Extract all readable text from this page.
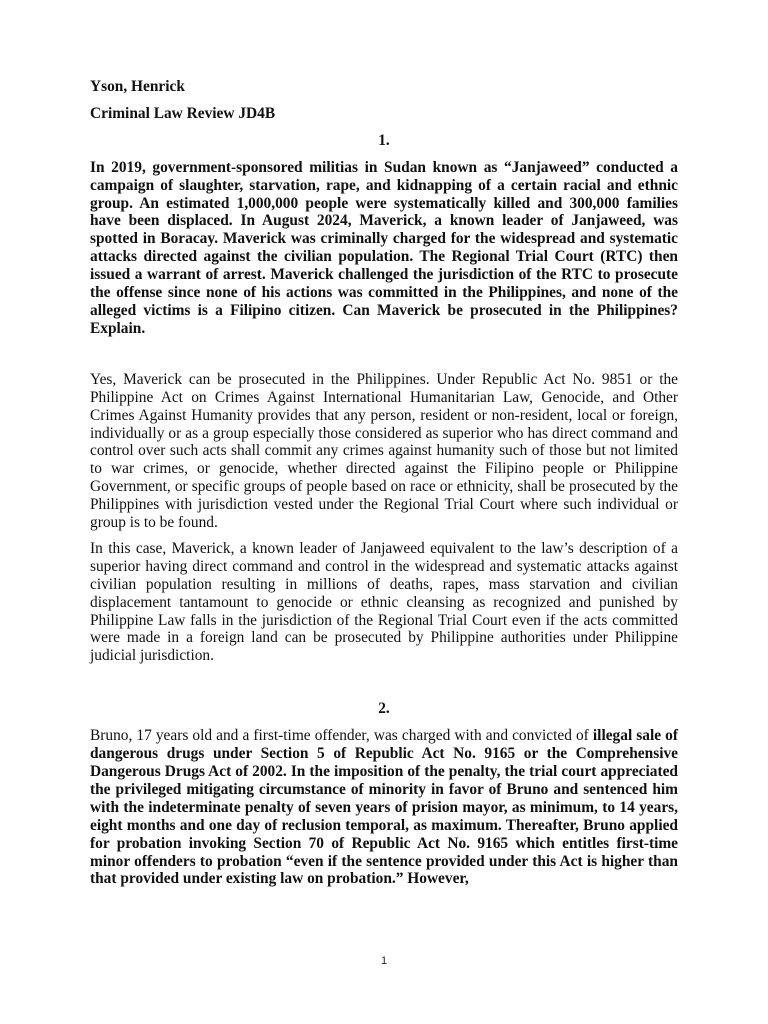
Yson, Henrick

Criminal Law Review JD4B

1.

In 2019, government-sponsored militias in Sudan known as “Janjaweed” conducted a campaign of slaughter, starvation, rape, and kidnapping of a certain racial and ethnic group. An estimated 1,000,000 people were systematically killed and 300,000 families have been displaced. In August 2024, Maverick, a known leader of Janjaweed, was spotted in Boracay. Maverick was criminally charged for the widespread and systematic attacks directed against the civilian population. The Regional Trial Court (RTC) then issued a warrant of arrest. Maverick challenged the jurisdiction of the RTC to prosecute the offense since none of his actions was committed in the Philippines, and none of the alleged victims is a Filipino citizen. Can Maverick be prosecuted in the Philippines? Explain.

Yes, Maverick can be prosecuted in the Philippines. Under Republic Act No. 9851 or the Philippine Act on Crimes Against International Humanitarian Law, Genocide, and Other Crimes Against Humanity provides that any person, resident or non-resident, local or foreign, individually or as a group especially those considered as superior who has direct command and control over such acts shall commit any crimes against humanity such of those but not limited to war crimes, or genocide, whether directed against the Filipino people or Philippine Government, or specific groups of people based on race or ethnicity, shall be prosecuted by the Philippines with jurisdiction vested under the Regional Trial Court where such individual or group is to be found.

In this case, Maverick, a known leader of Janjaweed equivalent to the law’s description of a superior having direct command and control in the widespread and systematic attacks against civilian population resulting in millions of deaths, rapes, mass starvation and civilian displacement tantamount to genocide or ethnic cleansing as recognized and punished by Philippine Law falls in the jurisdiction of the Regional Trial Court even if the acts committed were made in a foreign land can be prosecuted by Philippine authorities under Philippine judicial jurisdiction.

2.

Bruno, 17 years old and a first-time offender, was charged with and convicted of illegal sale of dangerous drugs under Section 5 of Republic Act No. 9165 or the Comprehensive Dangerous Drugs Act of 2002. In the imposition of the penalty, the trial court appreciated the privileged mitigating circumstance of minority in favor of Bruno and sentenced him with the indeterminate penalty of seven years of prision mayor, as minimum, to 14 years, eight months and one day of reclusion temporal, as maximum. Thereafter, Bruno applied for probation invoking Section 70 of Republic Act No. 9165 which entitles first-time minor offenders to probation “even if the sentence provided under this Act is higher than that provided under existing law on probation.” However,

1
